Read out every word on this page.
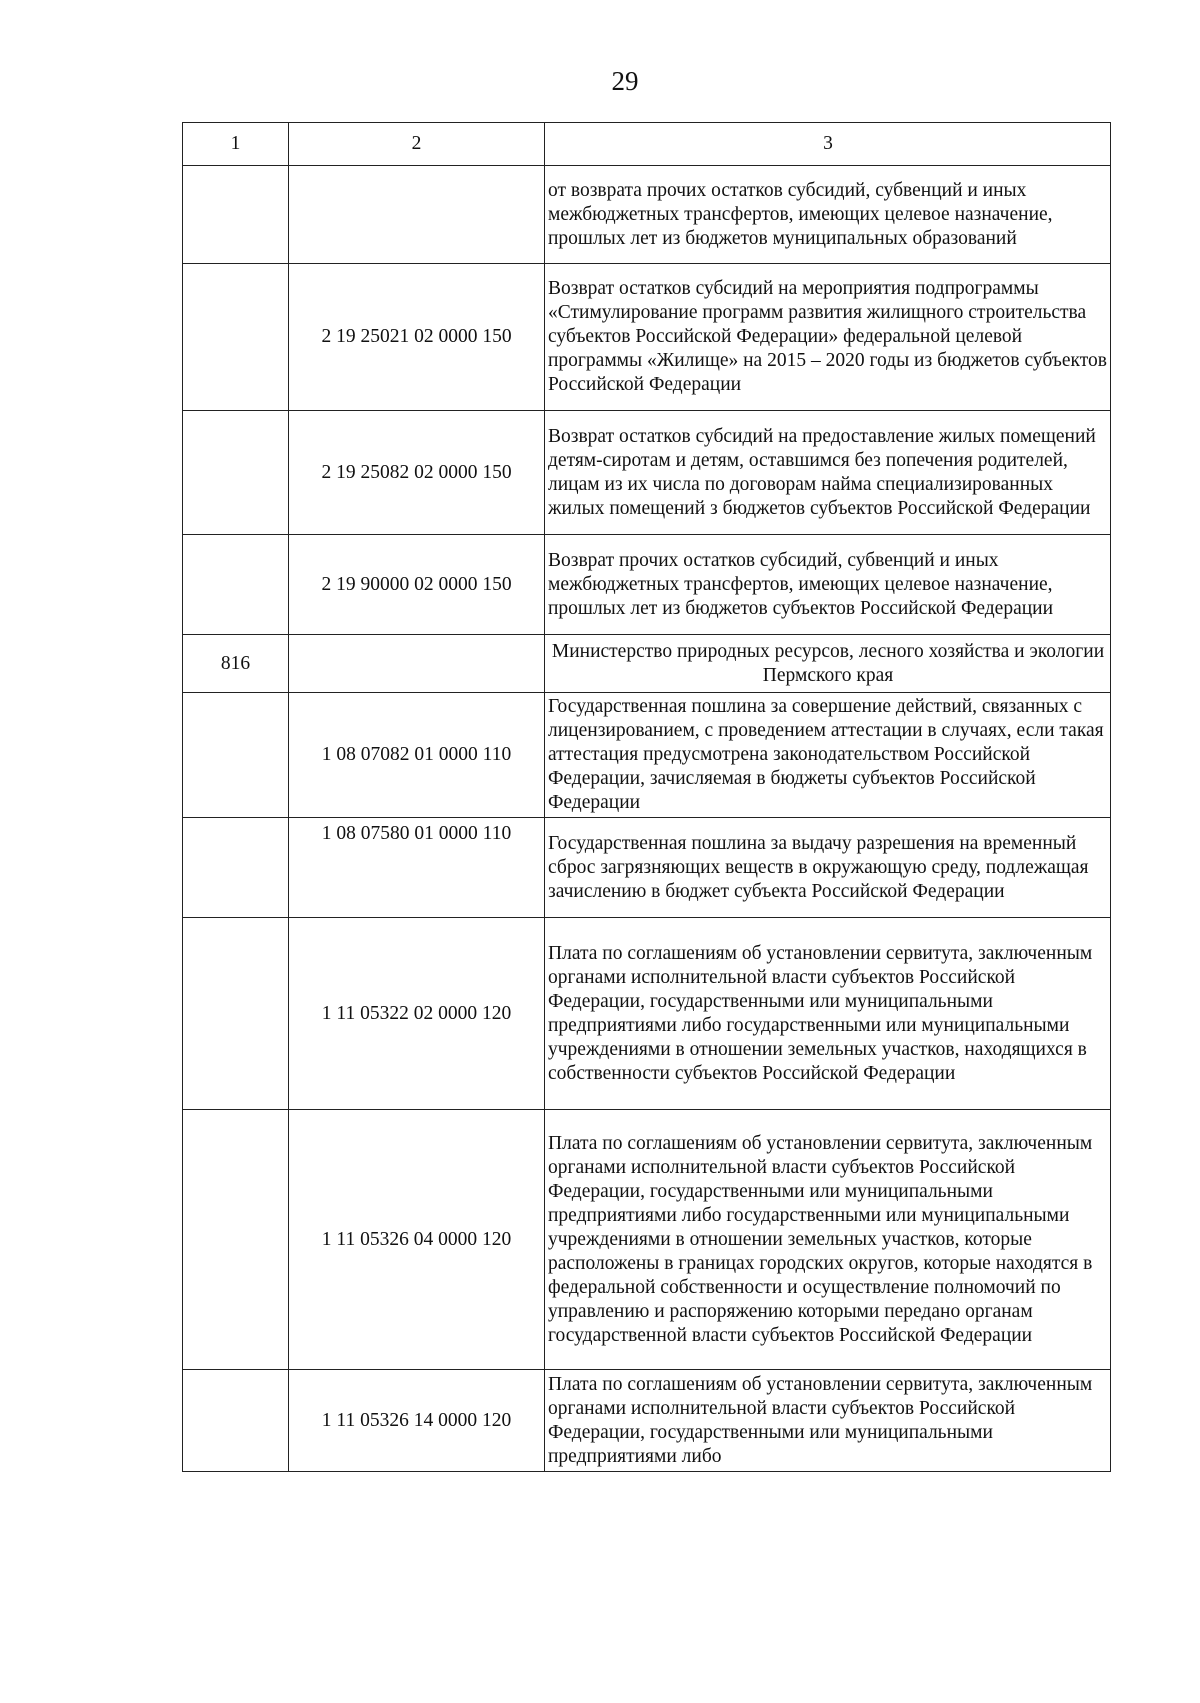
29
1	2	3
		от возврата прочих остатков субсидий, субвенций и иных межбюджетных трансфертов, имеющих целевое назначение, прошлых лет из бюджетов муниципальных образований
	2 19 25021 02 0000 150	Возврат остатков субсидий на мероприятия подпрограммы «Стимулирование программ развития жилищного строительства субъектов Российской Федерации» федеральной целевой программы «Жилище» на 2015 – 2020 годы из бюджетов субъектов Российской Федерации
	2 19 25082 02 0000 150	Возврат остатков субсидий на предоставление жилых помещений детям-сиротам и детям, оставшимся без попечения родителей, лицам из их числа по договорам найма специализированных жилых помещений з бюджетов субъектов Российской Федерации
	2 19 90000 02 0000 150	Возврат прочих остатков субсидий, субвенций и иных межбюджетных трансфертов, имеющих целевое назначение, прошлых лет из бюджетов субъектов Российской Федерации
816		Министерство природных ресурсов, лесного хозяйства и экологии Пермского края
	1 08 07082 01 0000 110	Государственная пошлина за совершение действий, связанных с лицензированием, с проведением аттестации в случаях, если такая аттестация предусмотрена законодательством Российской Федерации, зачисляемая в бюджеты субъектов Российской Федерации
	1 08 07580 01 0000 110	Государственная пошлина за выдачу разрешения на временный сброс загрязняющих веществ в окружающую среду, подлежащая зачислению в бюджет субъекта Российской Федерации
	1 11 05322 02 0000 120	Плата по соглашениям об установлении сервитута, заключенным органами исполнительной власти субъектов Российской Федерации, государственными или муниципальными предприятиями либо государственными или муниципальными учреждениями в отношении земельных участков, находящихся в собственности субъектов Российской Федерации
	1 11 05326 04 0000 120	Плата по соглашениям об установлении сервитута, заключенным органами исполнительной власти субъектов Российской Федерации, государственными или муниципальными предприятиями либо государственными или муниципальными учреждениями в отношении земельных участков, которые расположены в границах городских округов, которые находятся в федеральной собственности и осуществление полномочий по управлению и распоряжению которыми передано органам государственной власти субъектов Российской Федерации
	1 11 05326 14 0000 120	Плата по соглашениям об установлении сервитута, заключенным органами исполнительной власти субъектов Российской Федерации, государственными или муниципальными предприятиями либо
